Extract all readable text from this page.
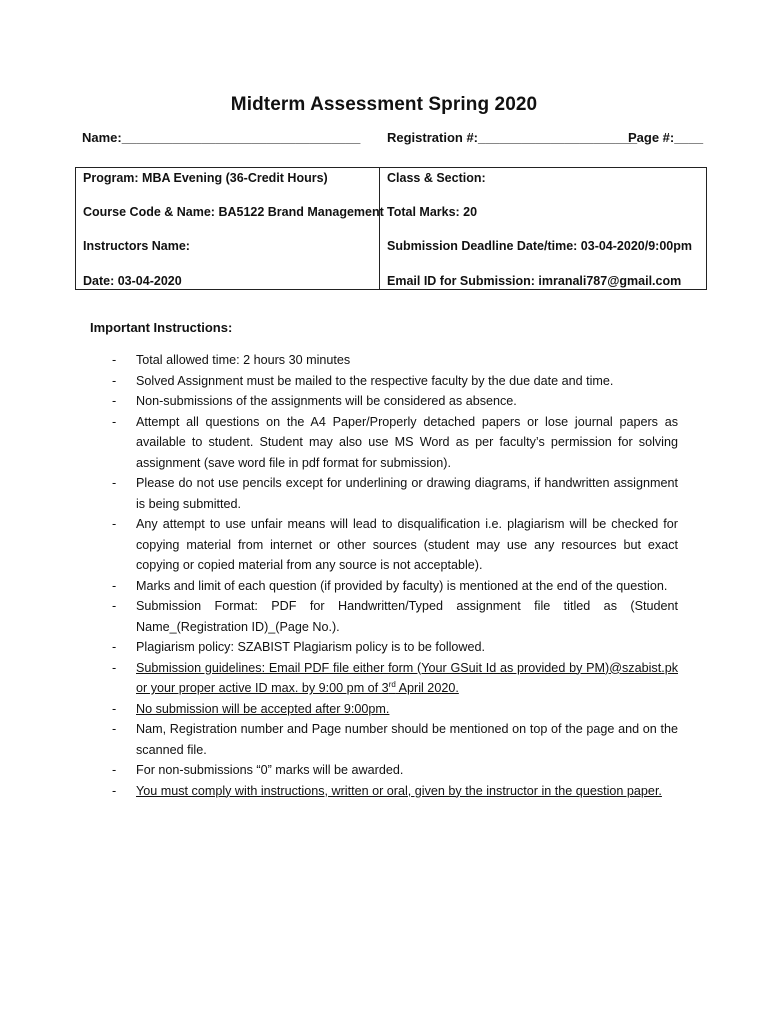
Midterm Assessment Spring 2020
Name:_________________________________ Registration #:______________________
Page #:____
Program: MBA Evening (36-Credit Hours)
Course Code & Name: BA5122 Brand Management
Instructors Name:
Date: 03-04-2020
Class & Section:
Total Marks: 20
Submission Deadline Date/time: 03-04-2020/9:00pm
Email ID for Submission: imranali787@gmail.com
Important Instructions:
- Total allowed time: 2 hours 30 minutes
- Solved Assignment must be mailed to the respective faculty by the due date and time.
- Non-submissions of the assignments will be considered as absence.
- Attempt all questions on the A4 Paper/Properly detached papers or lose journal papers as available to student. Student may also use MS Word as per faculty’s permission for solving assignment (save word file in pdf format for submission).
- Please do not use pencils except for underlining or drawing diagrams, if handwritten assignment is being submitted.
- Any attempt to use unfair means will lead to disqualification i.e. plagiarism will be checked for copying material from internet or other sources (student may use any resources but exact copying or copied material from any source is not acceptable).
- Marks and limit of each question (if provided by faculty) is mentioned at the end of the question.
- Submission Format: PDF for Handwritten/Typed assignment file titled as (Student Name_(Registration ID)_(Page No.).
- Plagiarism policy: SZABIST Plagiarism policy is to be followed.
- Submission guidelines: Email PDF file either form (Your GSuit Id as provided by PM)@szabist.pk or your proper active ID max. by 9:00 pm of 3rd April 2020.
- No submission will be accepted after 9:00pm.
- Nam, Registration number and Page number should be mentioned on top of the page and on the scanned file.
- For non-submissions “0” marks will be awarded.
- You must comply with instructions, written or oral, given by the instructor in the question paper.
